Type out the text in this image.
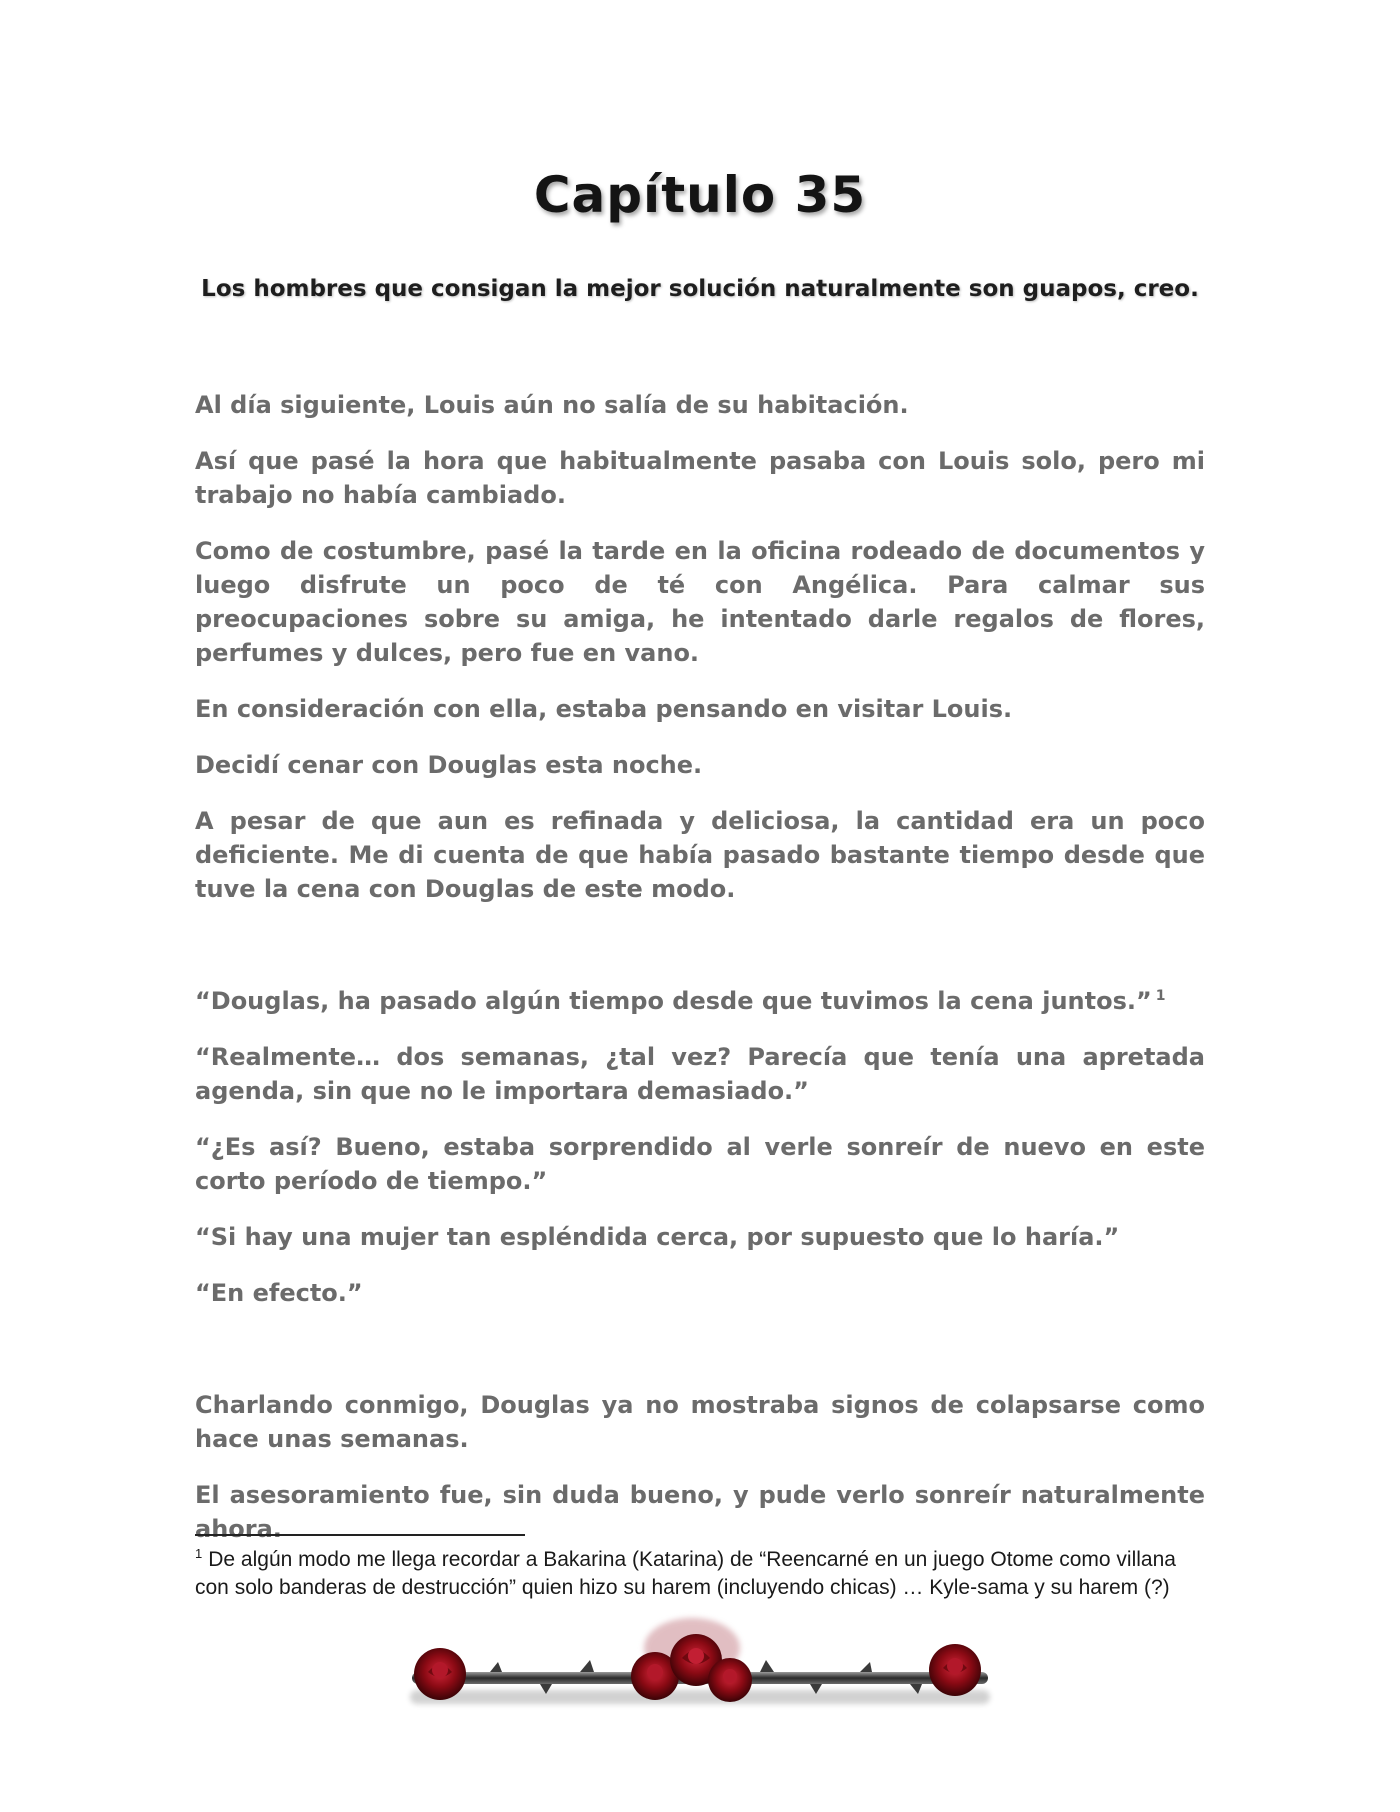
Capítulo 35
Los hombres que consigan la mejor solución naturalmente son guapos, creo.

Al día siguiente, Louis aún no salía de su habitación.

Así que pasé la hora que habitualmente pasaba con Louis solo, pero mi trabajo no había cambiado.

Como de costumbre, pasé la tarde en la oficina rodeado de documentos y luego disfrute un poco de té con Angélica. Para calmar sus preocupaciones sobre su amiga, he intentado darle regalos de flores, perfumes y dulces, pero fue en vano.

En consideración con ella, estaba pensando en visitar Louis.

Decidí cenar con Douglas esta noche.

A pesar de que aun es refinada y deliciosa, la cantidad era un poco deficiente. Me di cuenta de que había pasado bastante tiempo desde que tuve la cena con Douglas de este modo.

“Douglas, ha pasado algún tiempo desde que tuvimos la cena juntos.” $^1$

“Realmente… dos semanas, ¿tal vez? Parecía que tenía una apretada agenda, sin que no le importara demasiado.”

“¿Es así? Bueno, estaba sorprendido al verle sonreír de nuevo en este corto período de tiempo.”

“Si hay una mujer tan espléndida cerca, por supuesto que lo haría.”

“En efecto.”

Charlando conmigo, Douglas ya no mostraba signos de colapsarse como hace unas semanas.

El asesoramiento fue, sin duda bueno, y pude verlo sonreír naturalmente ahora.

$^1$ De algún modo me llega recordar a Bakarina (Katarina) de “Reencarné en un juego Otome como villana con solo banderas de destrucción” quien hizo su harem (incluyendo chicas) … Kyle-sama y su harem (?)
